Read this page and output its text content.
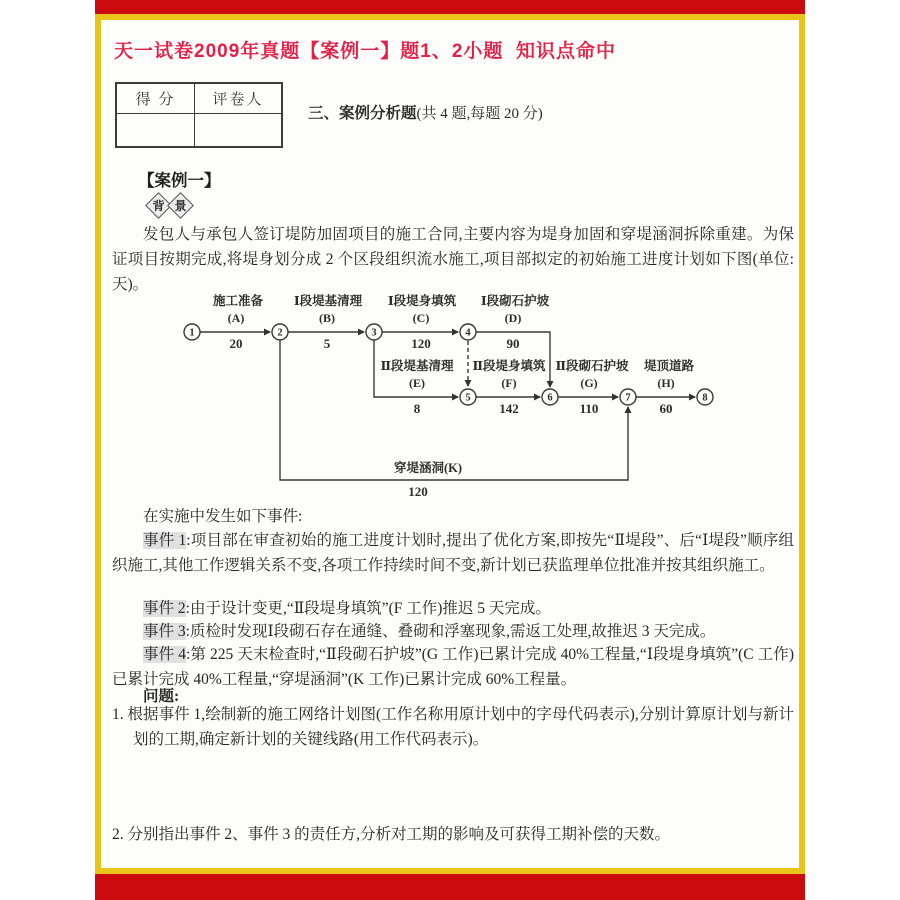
天一试卷2009年真题【案例一】题1、2小题  知识点命中
得 分	评卷人
三、案例分析题(共 4 题,每题 20 分)
【案例一】
背 景
发包人与承包人签订堤防加固项目的施工合同,主要内容为堤身加固和穿堤涵洞拆除重建。为保证项目按期完成,将堤身划分成 2 个区段组织流水施工,项目部拟定的初始施工进度计划如下图(单位:天)。
1	2	3	4
5	6	7	8
施工准备 Ⅰ段堤基清理 Ⅰ段堤身填筑 Ⅰ段砌石护坡
(A)	(B)	(C)	(D)
20	5	120	90
Ⅱ段堤基清理 Ⅱ段堤身填筑 Ⅱ段砌石护坡 堤顶道路
(E)	(F)	(G)	(H)
8	142	110	60
穿堤涵洞(K)
120
在实施中发生如下事件:
事件 1:项目部在审查初始的施工进度计划时,提出了优化方案,即按先“Ⅱ堤段”、后“Ⅰ堤段”顺序组织施工,其他工作逻辑关系不变,各项工作持续时间不变,新计划已获监理单位批准并按其组织施工。
事件 2:由于设计变更,“Ⅱ段堤身填筑”(F 工作)推迟 5 天完成。
事件 3:质检时发现Ⅰ段砌石存在通缝、叠砌和浮塞现象,需返工处理,故推迟 3 天完成。
事件 4:第 225 天末检查时,“Ⅱ段砌石护坡”(G 工作)已累计完成 40%工程量,“Ⅰ段堤身填筑”(C 工作)已累计完成 40%工程量,“穿堤涵洞”(K 工作)已累计完成 60%工程量。
问题:
1. 根据事件 1,绘制新的施工网络计划图(工作名称用原计划中的字母代码表示),分别计算原计划与新计划的工期,确定新计划的关键线路(用工作代码表示)。
2. 分别指出事件 2、事件 3 的责任方,分析对工期的影响及可获得工期补偿的天数。
